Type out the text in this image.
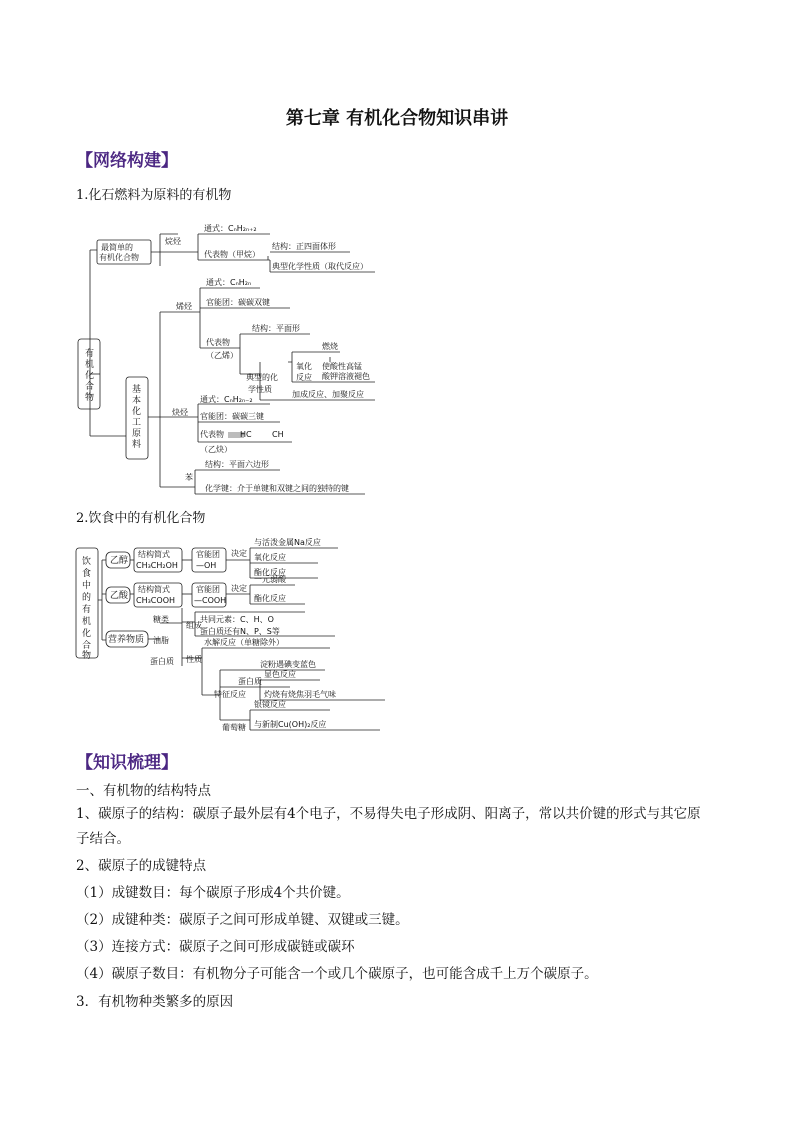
第七章 有机化合物知识串讲
【网络构建】
1.化石燃料为原料的有机物
有
机
化
合
物
最简单的
有机化合物
烷烃
通式：CₙH₂ₙ₊₂
代表物（甲烷）
结构：正四面体形
典型化学性质（取代反应）
基
本
化
工
原
料
烯烃
通式：CₙH₂ₙ
官能团：碳碳双键
代表物
（乙烯）
结构：平面形
典型的化
学性质
氧化
反应
燃烧
使酸性高锰
酸钾溶液褪色
加成反应、加聚反应
炔烃
通式：CₙH₂ₙ₋₂
官能团：碳碳三键
代表物 HC	CH
（乙炔）
苯
结构：平面六边形
化学键：介于单键和双键之间的独特的键
2.饮食中的有机化合物
饮
食
中
的
有
机
化
合
物
乙醇
结构简式
CH₃CH₂OH
官能团
—OH
决定
与活泼金属Na反应
氧化反应
酯化反应
乙酸
结构简式
CH₃COOH
官能团
—COOH
决定
一元弱酸
酯化反应
营养物质
糖类
油脂
蛋白质
组成
共同元素：C、H、O
蛋白质还有N、P、S等
性质
水解反应（单糖除外）
特征反应
淀粉遇碘变蓝色
蛋白质
显色反应
灼烧有烧焦羽毛气味
葡萄糖
银镜反应
与新制Cu(OH)₂反应
【知识梳理】
一、有机物的结构特点
1、碳原子的结构：碳原子最外层有4个电子，不易得失电子形成阴、阳离子，常以共价键的形式与其它原
子结合。
2、碳原子的成键特点
（1）成键数目：每个碳原子形成4个共价键。
（2）成键种类：碳原子之间可形成单键、双键或三键。
（3）连接方式：碳原子之间可形成碳链或碳环
（4）碳原子数目：有机物分子可能含一个或几个碳原子，也可能含成千上万个碳原子。
3．有机物种类繁多的原因
